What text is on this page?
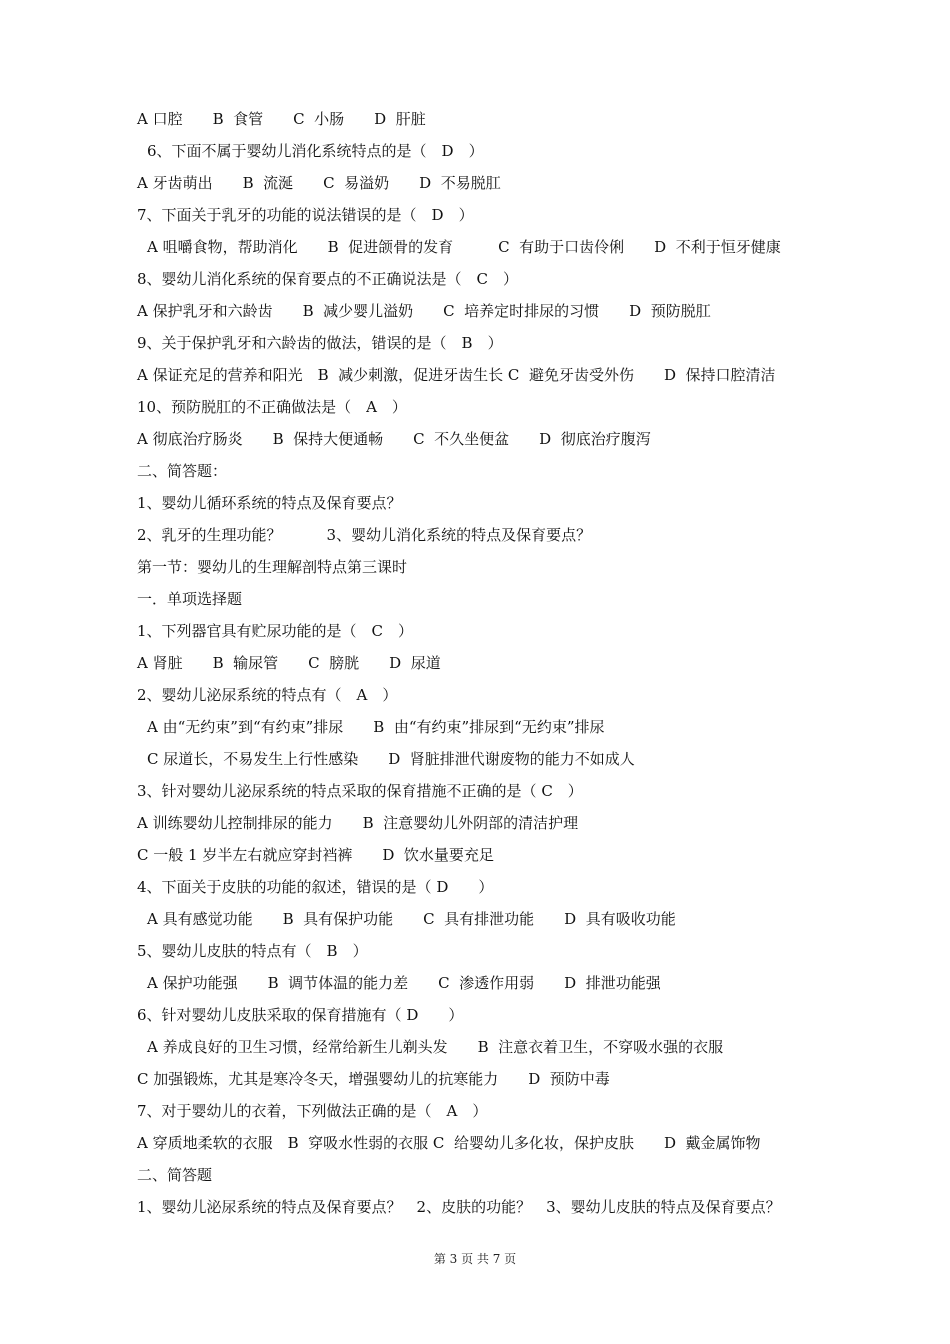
A 口腔　　B  食管　　C  小肠　　D  肝脏
6、下面不属于婴幼儿消化系统特点的是（　D　）
A 牙齿萌出　　B  流涎　　C  易溢奶　　D  不易脱肛
7、下面关于乳牙的功能的说法错误的是（　D　）
A 咀嚼食物，帮助消化　　B  促进颌骨的发育　　　C  有助于口齿伶俐　　D  不利于恒牙健康
8、婴幼儿消化系统的保育要点的不正确说法是（　C　）
A 保护乳牙和六龄齿　　B  减少婴儿溢奶　　C  培养定时排尿的习惯　　D  预防脱肛
9、关于保护乳牙和六龄齿的做法，错误的是（　B　）
A 保证充足的营养和阳光　B  减少刺激，促进牙齿生长 C  避免牙齿受外伤　　D  保持口腔清洁
10、预防脱肛的不正确做法是（　A　）
A 彻底治疗肠炎　　B  保持大便通畅　　C  不久坐便盆　　D  彻底治疗腹泻
二、简答题：
1、婴幼儿循环系统的特点及保育要点？
2、乳牙的生理功能？　　　3、婴幼儿消化系统的特点及保育要点？
第一节：婴幼儿的生理解剖特点第三课时
一．单项选择题
1、下列器官具有贮尿功能的是（　C　）
A 肾脏　　B  输尿管　　C  膀胱　　D  尿道
2、婴幼儿泌尿系统的特点有（　A　）
A 由“无约束”到“有约束”排尿　　B  由“有约束”排尿到“无约束”排尿
C 尿道长，不易发生上行性感染　　D  肾脏排泄代谢废物的能力不如成人
3、针对婴幼儿泌尿系统的特点采取的保育措施不正确的是（ C　）
A 训练婴幼儿控制排尿的能力　　B  注意婴幼儿外阴部的清洁护理
C 一般 1 岁半左右就应穿封裆裤　　D  饮水量要充足
4、下面关于皮肤的功能的叙述，错误的是（ D　　）
A 具有感觉功能　　B  具有保护功能　　C  具有排泄功能　　D  具有吸收功能
5、婴幼儿皮肤的特点有（　B　）
A 保护功能强　　B  调节体温的能力差　　C  渗透作用弱　　D  排泄功能强
6、针对婴幼儿皮肤采取的保育措施有（ D　　）
A 养成良好的卫生习惯，经常给新生儿剃头发　　B  注意衣着卫生，不穿吸水强的衣服
C 加强锻炼，尤其是寒冷冬天，增强婴幼儿的抗寒能力　　D  预防中毒
7、对于婴幼儿的衣着，下列做法正确的是（　A　）
A 穿质地柔软的衣服　B  穿吸水性弱的衣服 C  给婴幼儿多化妆，保护皮肤　　D  戴金属饰物
二、简答题
1、婴幼儿泌尿系统的特点及保育要点？　2、皮肤的功能？　3、婴幼儿皮肤的特点及保育要点？
第 3 页 共 7 页
